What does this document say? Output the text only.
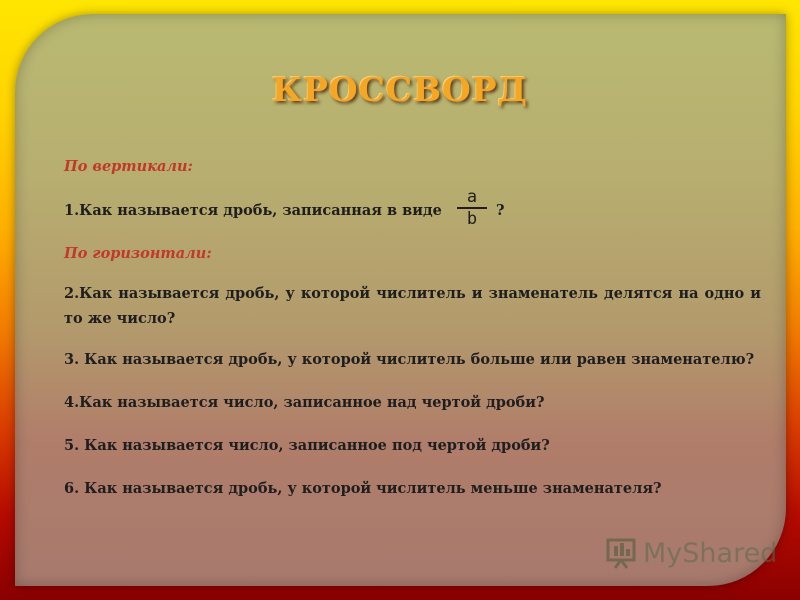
КРОССВОРД
По вертикали:
1.Как называется дробь, записанная в виде
a
b	?
По горизонтали:
2.Как называется дробь, у которой числитель и знаменатель делятся на одно и то же число?
3. Как называется дробь, у которой числитель больше или равен знаменателю?
4.Как называется число, записанное над чертой дроби?
5. Как называется число, записанное под чертой дроби?
6. Как называется дробь, у которой числитель меньше знаменателя?
MyShared
